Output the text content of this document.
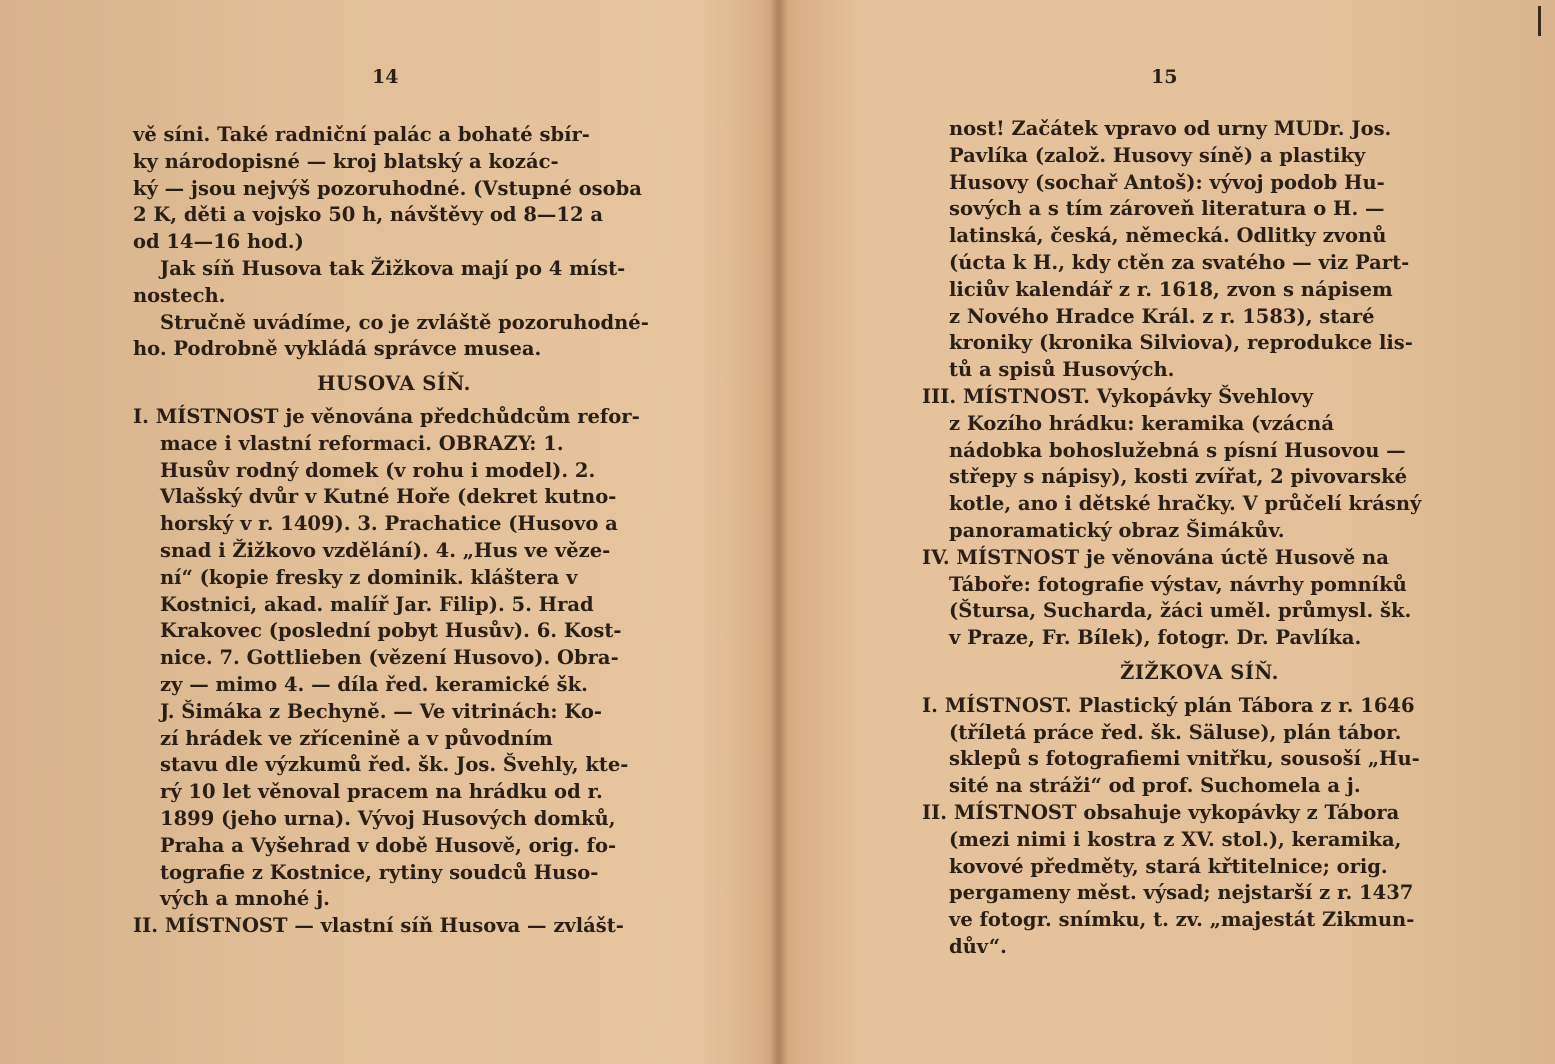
14
vě síni. Také radniční palác a bohaté sbír-
ky národopisné — kroj blatský a kozác-
ký — jsou nejvýš pozoruhodné. (Vstupné osoba
2 K, děti a vojsko 50 h, návštěvy od 8—12 a
od 14—16 hod.)
Jak síň Husova tak Žižkova mají po 4 míst-
nostech.
Stručně uvádíme, co je zvláště pozoruhodné-
ho. Podrobně vykládá správce musea.
HUSOVA SÍŇ.
I. MÍSTNOST je věnována předchůdcům refor-
mace i vlastní reformaci. OBRAZY: 1.
Husův rodný domek (v rohu i model). 2.
Vlašský dvůr v Kutné Hoře (dekret kutno-
horský v r. 1409). 3. Prachatice (Husovo a
snad i Žižkovo vzdělání). 4. „Hus ve věze-
ní“ (kopie fresky z dominik. kláštera v
Kostnici, akad. malíř Jar. Filip). 5. Hrad
Krakovec (poslední pobyt Husův). 6. Kost-
nice. 7. Gottlieben (vězení Husovo). Obra-
zy — mimo 4. — díla řed. keramické šk.
J. Šimáka z Bechyně. — Ve vitrinách: Ko-
zí hrádek ve zřícenině a v původním
stavu dle výzkumů řed. šk. Jos. Švehly, kte-
rý 10 let věnoval pracem na hrádku od r.
1899 (jeho urna). Vývoj Husových domků,
Praha a Vyšehrad v době Husově, orig. fo-
tografie z Kostnice, rytiny soudců Huso-
vých a mnohé j.
II. MÍSTNOST — vlastní síň Husova — zvlášt-
15
nost! Začátek vpravo od urny MUDr. Jos.
Pavlíka (založ. Husovy síně) a plastiky
Husovy (sochař Antoš): vývoj podob Hu-
sových a s tím zároveň literatura o H. —
latinská, česká, německá. Odlitky zvonů
(úcta k H., kdy ctěn za svatého — viz Part-
liciův kalendář z r. 1618, zvon s nápisem
z Nového Hradce Král. z r. 1583), staré
kroniky (kronika Silviova), reprodukce lis-
tů a spisů Husových.
III. MÍSTNOST. Vykopávky Švehlovy
z Kozího hrádku: keramika (vzácná
nádobka bohoslužebná s písní Husovou —
střepy s nápisy), kosti zvířat, 2 pivovarské
kotle, ano i dětské hračky. V průčelí krásný
panoramatický obraz Šimákův.
IV. MÍSTNOST je věnována úctě Husově na
Táboře: fotografie výstav, návrhy pomníků
(Štursa, Sucharda, žáci uměl. průmysl. šk.
v Praze, Fr. Bílek), fotogr. Dr. Pavlíka.
ŽIŽKOVA SÍŇ.
I. MÍSTNOST. Plastický plán Tábora z r. 1646
(tříletá práce řed. šk. Säluse), plán tábor.
sklepů s fotografiemi vnitřku, sousoší „Hu-
sité na stráži“ od prof. Suchomela a j.
II. MÍSTNOST obsahuje vykopávky z Tábora
(mezi nimi i kostra z XV. stol.), keramika,
kovové předměty, stará křtitelnice; orig.
pergameny měst. výsad; nejstarší z r. 1437
ve fotogr. snímku, t. zv. „majestát Zikmun-
dův“.
